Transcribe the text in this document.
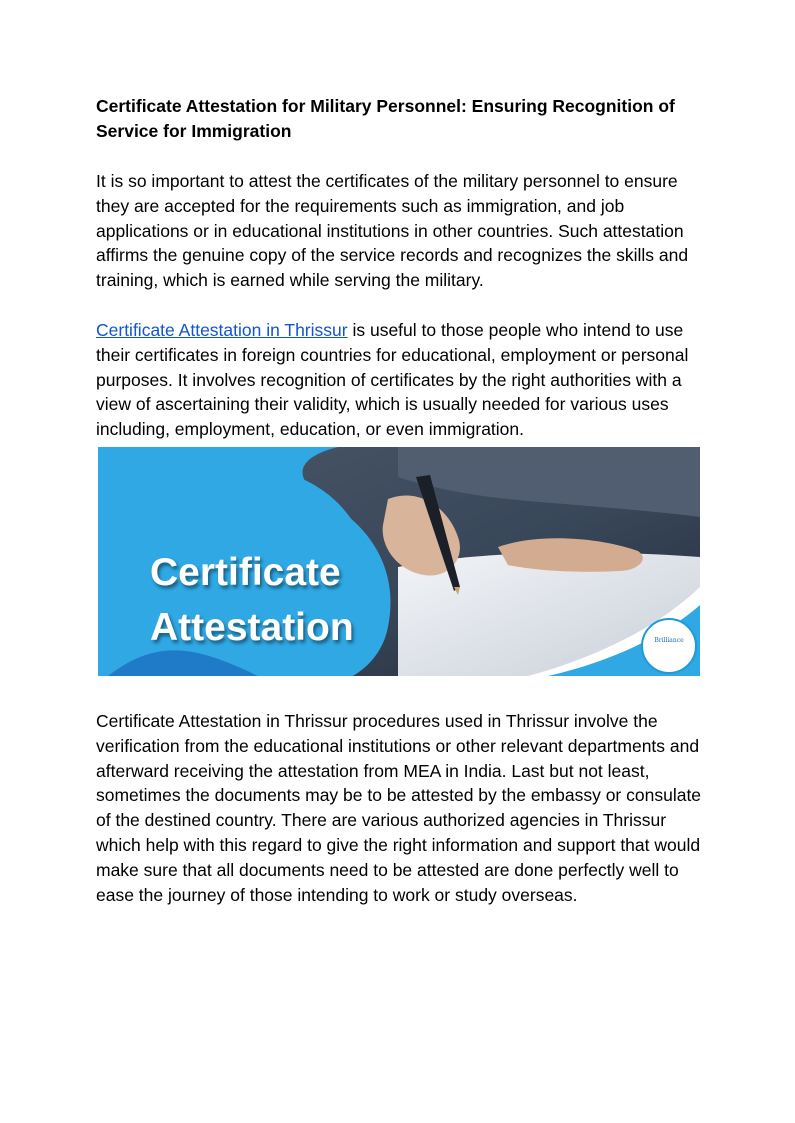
Certificate Attestation for Military Personnel: Ensuring Recognition of Service for Immigration

It is so important to attest the certificates of the military personnel to ensure they are accepted for the requirements such as immigration, and job applications or in educational institutions in other countries. Such attestation affirms the genuine copy of the service records and recognizes the skills and training, which is earned while serving the military.

Certificate Attestation in Thrissur is useful to those people who intend to use their certificates in foreign countries for educational, employment or personal purposes. It involves recognition of certificates by the right authorities with a view of ascertaining their validity, which is usually needed for various uses including, employment, education, or even immigration.

Certificate
Attestation	Brilliance

Certificate Attestation in Thrissur procedures used in Thrissur involve the verification from the educational institutions or other relevant departments and afterward receiving the attestation from MEA in India. Last but not least, sometimes the documents may be to be attested by the embassy or consulate of the destined country. There are various authorized agencies in Thrissur which help with this regard to give the right information and support that would make sure that all documents need to be attested are done perfectly well to ease the journey of those intending to work or study overseas.
